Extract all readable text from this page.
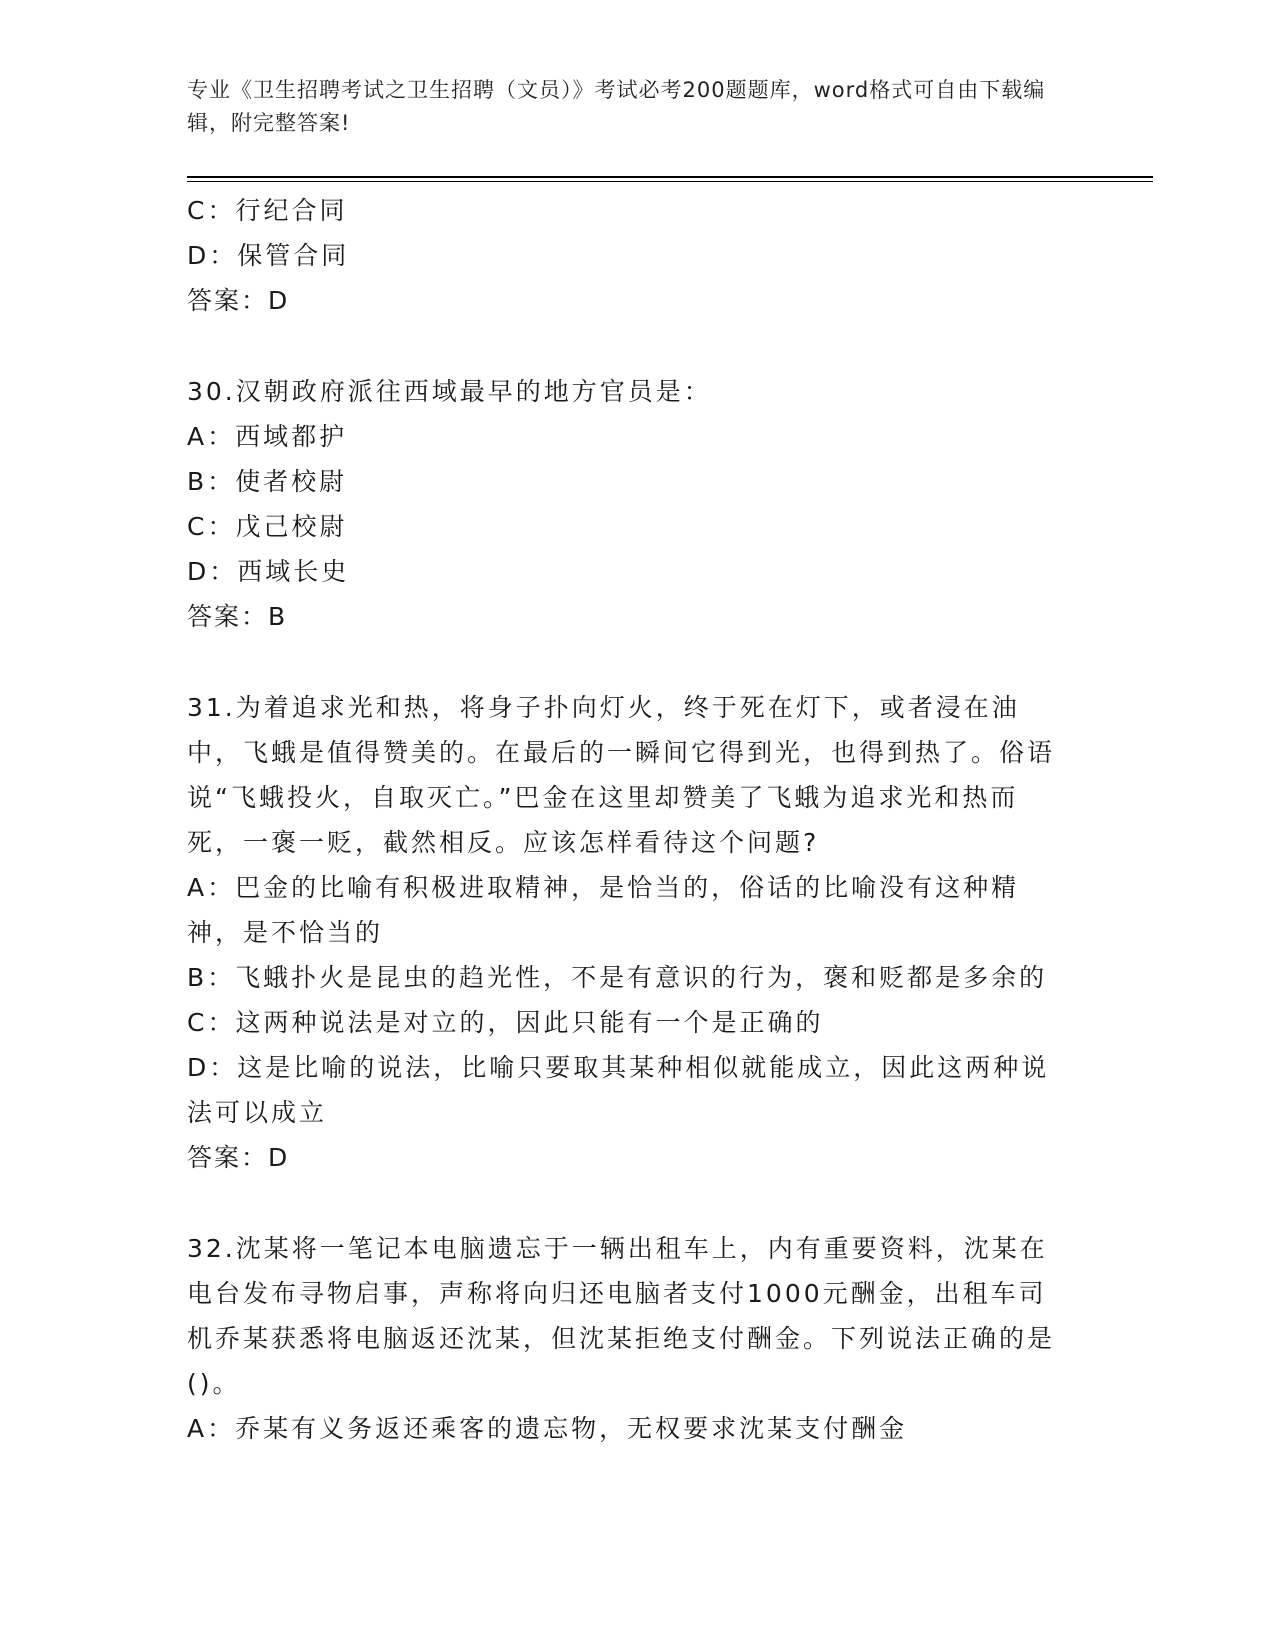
专业《卫生招聘考试之卫生招聘（文员）》考试必考200题题库，word格式可自由下载编辑，附完整答案!
C：行纪合同
D：保管合同
答案：D
30.汉朝政府派往西域最早的地方官员是：
A：西域都护
B：使者校尉
C：戊己校尉
D：西域长史
答案：B
31.为着追求光和热，将身子扑向灯火，终于死在灯下，或者浸在油中，飞蛾是值得赞美的。在最后的一瞬间它得到光，也得到热了。俗语说“飞蛾投火，自取灭亡。”巴金在这里却赞美了飞蛾为追求光和热而死，一褒一贬，截然相反。应该怎样看待这个问题?
A：巴金的比喻有积极进取精神，是恰当的，俗话的比喻没有这种精神，是不恰当的
B：飞蛾扑火是昆虫的趋光性，不是有意识的行为，褒和贬都是多余的
C：这两种说法是对立的，因此只能有一个是正确的
D：这是比喻的说法，比喻只要取其某种相似就能成立，因此这两种说法可以成立
答案：D
32.沈某将一笔记本电脑遗忘于一辆出租车上，内有重要资料，沈某在电台发布寻物启事，声称将向归还电脑者支付1000元酬金，出租车司机乔某获悉将电脑返还沈某，但沈某拒绝支付酬金。下列说法正确的是()。
A：乔某有义务返还乘客的遗忘物，无权要求沈某支付酬金
